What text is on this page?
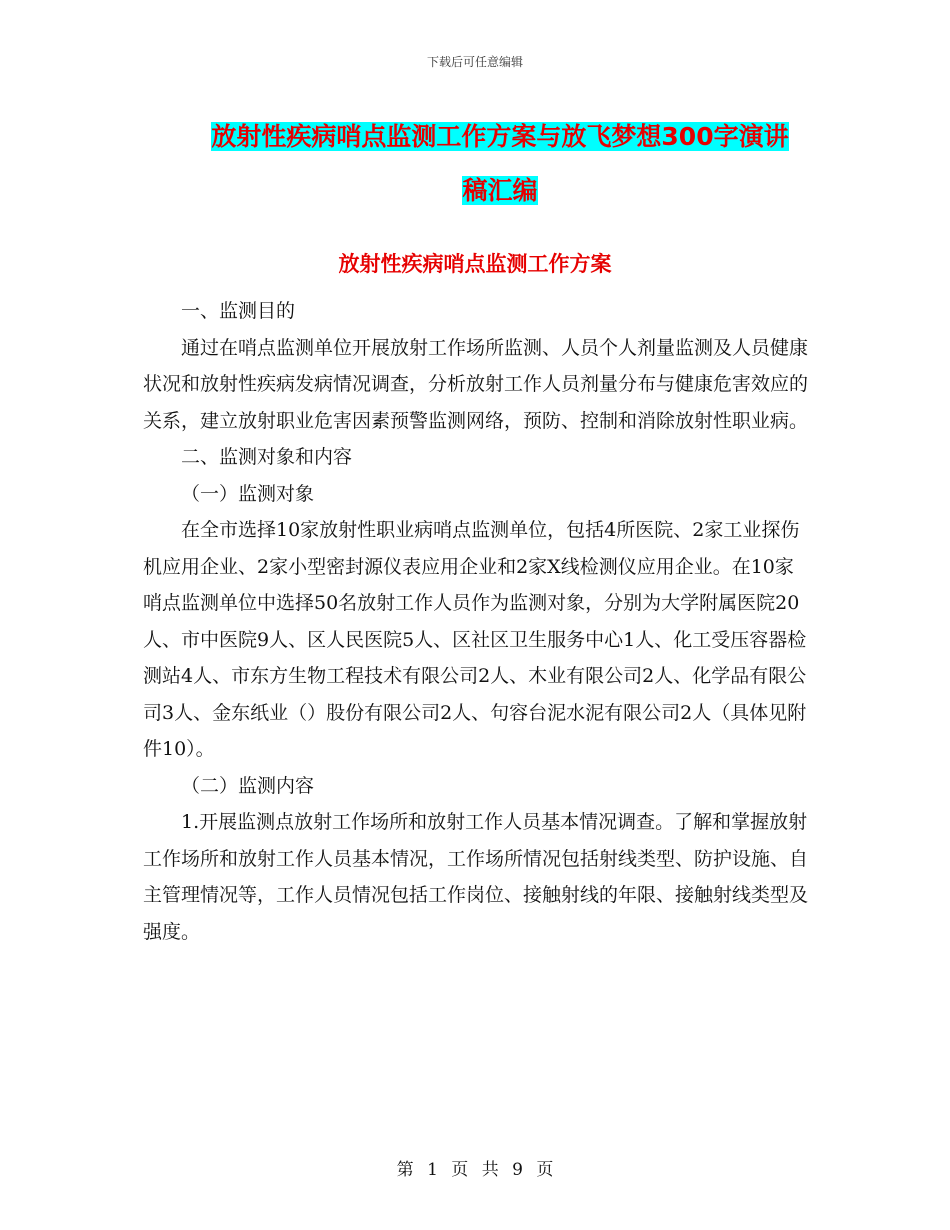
下载后可任意编辑
放射性疾病哨点监测工作方案与放飞梦想300字演讲
稿汇编
放射性疾病哨点监测工作方案

一、监测目的

通过在哨点监测单位开展放射工作场所监测、人员个人剂量监测及人员健康状况和放射性疾病发病情况调查，分析放射工作人员剂量分布与健康危害效应的关系，建立放射职业危害因素预警监测网络，预防、控制和消除放射性职业病。

二、监测对象和内容

（一）监测对象

在全市选择10家放射性职业病哨点监测单位，包括4所医院、2家工业探伤机应用企业、2家小型密封源仪表应用企业和2家X线检测仪应用企业。在10家哨点监测单位中选择50名放射工作人员作为监测对象，分别为大学附属医院20人、市中医院9人、区人民医院5人、区社区卫生服务中心1人、化工受压容器检测站4人、市东方生物工程技术有限公司2人、木业有限公司2人、化学品有限公司3人、金东纸业（）股份有限公司2人、句容台泥水泥有限公司2人（具体见附件10）。

（二）监测内容

1.开展监测点放射工作场所和放射工作人员基本情况调查。了解和掌握放射工作场所和放射工作人员基本情况，工作场所情况包括射线类型、防护设施、自主管理情况等，工作人员情况包括工作岗位、接触射线的年限、接触射线类型及强度。

第 1 页 共 9 页
